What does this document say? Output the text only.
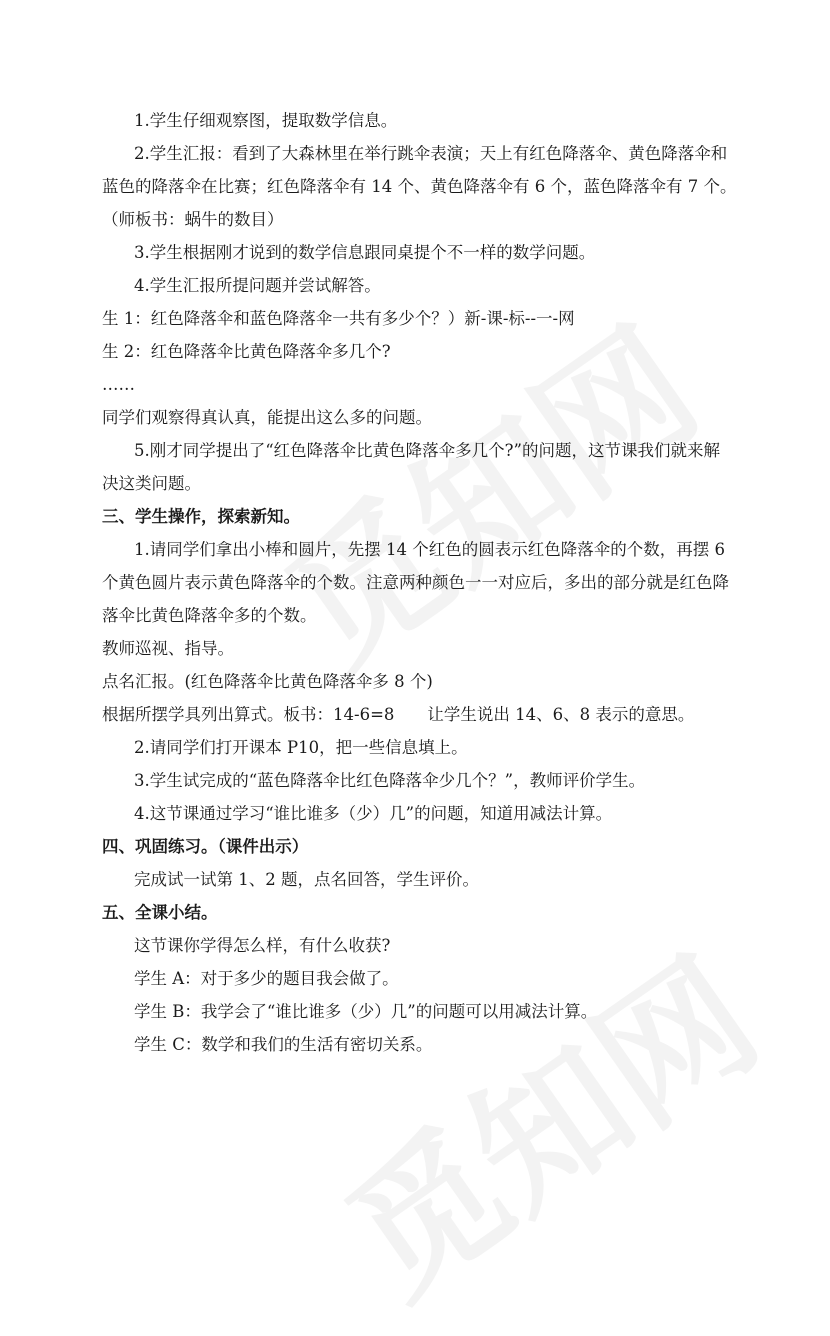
1.学生仔细观察图，提取数学信息。
2.学生汇报：看到了大森林里在举行跳伞表演；天上有红色降落伞、黄色降落伞和
蓝色的降落伞在比赛；红色降落伞有 14 个、黄色降落伞有 6 个，蓝色降落伞有 7 个。
（师板书：蜗牛的数目）
3.学生根据刚才说到的数学信息跟同桌提个不一样的数学问题。
4.学生汇报所提问题并尝试解答。
生 1：红色降落伞和蓝色降落伞一共有多少个？）新-课-标--一-网
生 2：红色降落伞比黄色降落伞多几个?
……
同学们观察得真认真，能提出这么多的问题。
5.刚才同学提出了“红色降落伞比黄色降落伞多几个?”的问题，这节课我们就来解
决这类问题。
三、学生操作，探索新知。
1.请同学们拿出小棒和圆片，先摆 14 个红色的圆表示红色降落伞的个数，再摆 6
个黄色圆片表示黄色降落伞的个数。注意两种颜色一一对应后，多出的部分就是红色降
落伞比黄色降落伞多的个数。
教师巡视、指导。
点名汇报。(红色降落伞比黄色降落伞多 8 个)
根据所摆学具列出算式。板书：14-6=8　　让学生说出 14、6、8 表示的意思。
2.请同学们打开课本 P10，把一些信息填上。
3.学生试完成的“蓝色降落伞比红色降落伞少几个？”，教师评价学生。
4.这节课通过学习“谁比谁多（少）几”的问题，知道用减法计算。
四、巩固练习。（课件出示）
完成试一试第 1、2 题，点名回答，学生评价。
五、全课小结。
这节课你学得怎么样，有什么收获?
学生 A：对于多少的题目我会做了。
学生 B：我学会了“谁比谁多（少）几”的问题可以用减法计算。
学生 C：数学和我们的生活有密切关系。
